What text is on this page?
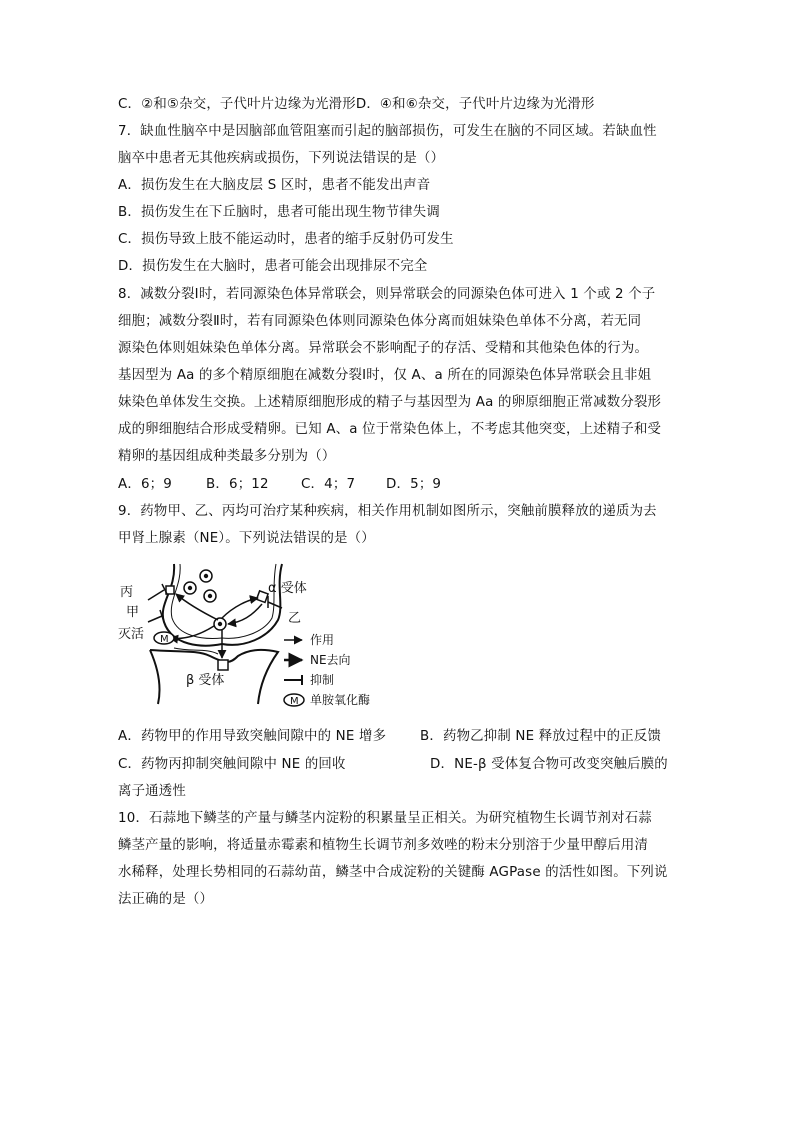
C．②和⑤杂交，子代叶片边缘为光滑形D．④和⑥杂交，子代叶片边缘为光滑形
7．缺血性脑卒中是因脑部血管阻塞而引起的脑部损伤，可发生在脑的不同区域。若缺血性
脑卒中患者无其他疾病或损伤，下列说法错误的是（）
A．损伤发生在大脑皮层 S 区时，患者不能发出声音
B．损伤发生在下丘脑时，患者可能出现生物节律失调
C．损伤导致上肢不能运动时，患者的缩手反射仍可发生
D．损伤发生在大脑时，患者可能会出现排尿不完全
8．减数分裂Ⅰ时，若同源染色体异常联会，则异常联会的同源染色体可进入 1 个或 2 个子
细胞；减数分裂Ⅱ时，若有同源染色体则同源染色体分离而姐妹染色单体不分离，若无同
源染色体则姐妹染色单体分离。异常联会不影响配子的存活、受精和其他染色体的行为。
基因型为 Aa 的多个精原细胞在减数分裂Ⅰ时，仅 A、a 所在的同源染色体异常联会且非姐
妹染色单体发生交换。上述精原细胞形成的精子与基因型为 Aa 的卵原细胞正常减数分裂形
成的卵细胞结合形成受精卵。已知 A、a 位于常染色体上，不考虑其他突变，上述精子和受
精卵的基因组成种类最多分别为（）
A．6；9	B．6；12 C．4；7 D．5；9
9．药物甲、乙、丙均可治疗某种疾病，相关作用机制如图所示，突触前膜释放的递质为去
甲肾上腺素（NE）。下列说法错误的是（）
M
丙
甲
灭活
α 受体
乙
β 受体
作用
NE去向
抑制
M 单胺氧化酶
A．药物甲的作用导致突触间隙中的 NE 增多	B．药物乙抑制 NE 释放过程中的正反馈
C．药物丙抑制突触间隙中 NE 的回收	D．NE-β 受体复合物可改变突触后膜的
离子通透性
10．石蒜地下鳞茎的产量与鳞茎内淀粉的积累量呈正相关。为研究植物生长调节剂对石蒜
鳞茎产量的影响，将适量赤霉素和植物生长调节剂多效唑的粉末分别溶于少量甲醇后用清
水稀释，处理长势相同的石蒜幼苗，鳞茎中合成淀粉的关键酶 AGPase 的活性如图。下列说
法正确的是（）
